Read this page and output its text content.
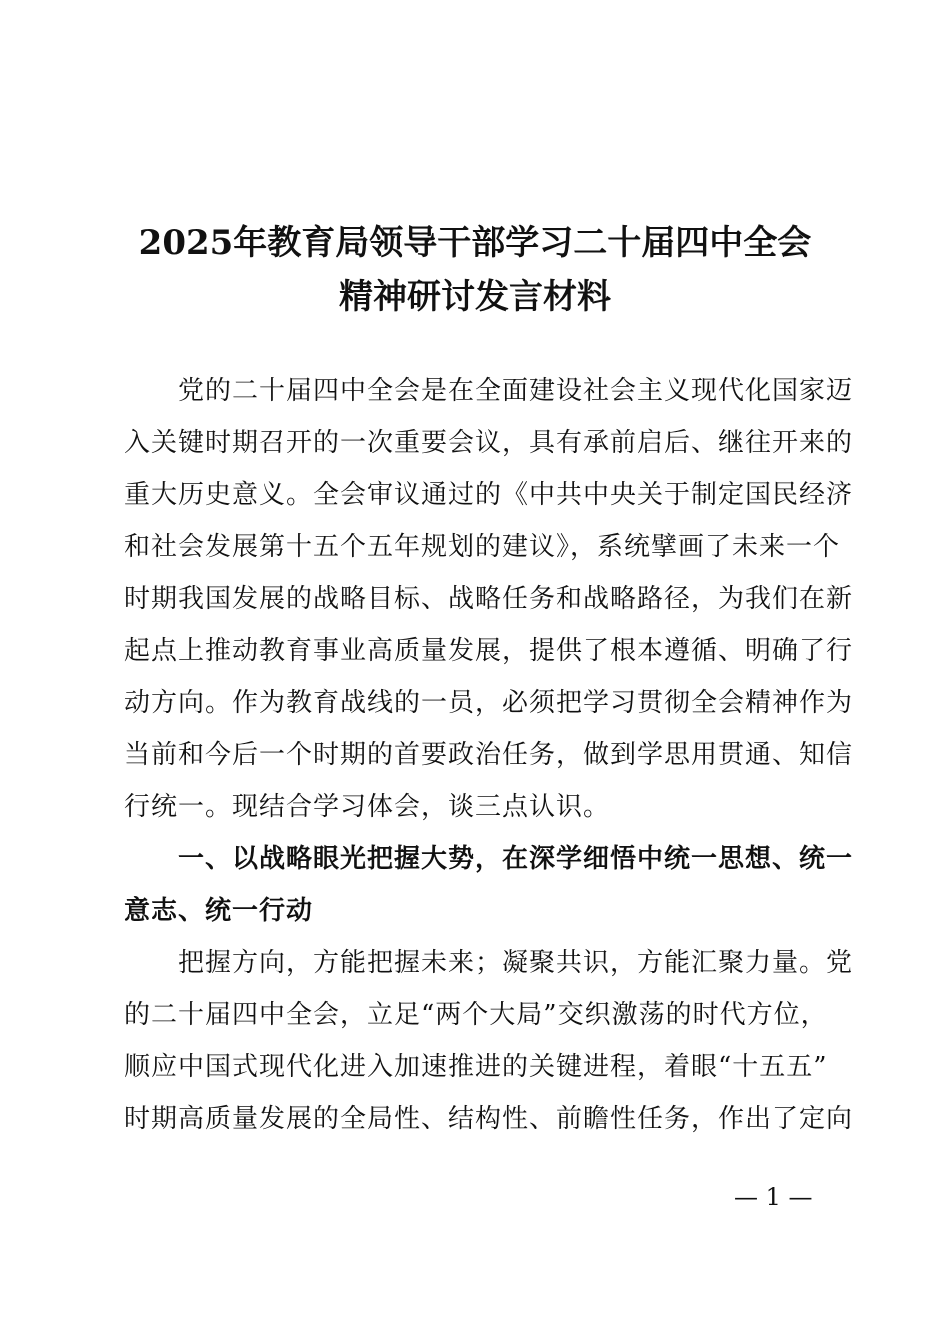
2025年教育局领导干部学习二十届四中全会
精神研讨发言材料
　　党的二十届四中全会是在全面建设社会主义现代化国家迈
入关键时期召开的一次重要会议，具有承前启后、继往开来的
重大历史意义。全会审议通过的《中共中央关于制定国民经济
和社会发展第十五个五年规划的建议》，系统擘画了未来一个
时期我国发展的战略目标、战略任务和战略路径，为我们在新
起点上推动教育事业高质量发展，提供了根本遵循、明确了行
动方向。作为教育战线的一员，必须把学习贯彻全会精神作为
当前和今后一个时期的首要政治任务，做到学思用贯通、知信
行统一。现结合学习体会，谈三点认识。
　　一、以战略眼光把握大势，在深学细悟中统一思想、统一
意志、统一行动
　　把握方向，方能把握未来；凝聚共识，方能汇聚力量。党
的二十届四中全会，立足“两个大局”交织激荡的时代方位，
顺应中国式现代化进入加速推进的关键进程，着眼“十五五”
时期高质量发展的全局性、结构性、前瞻性任务，作出了定向
— 1 —
